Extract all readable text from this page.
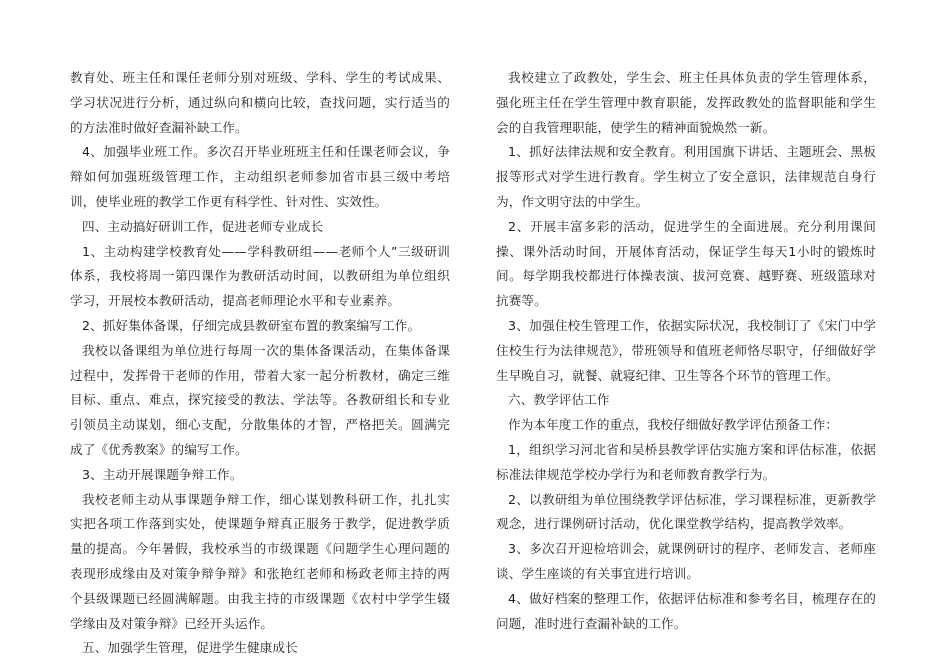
教育处、班主任和课任老师分别对班级、学科、学生的考试成果、学习状况进行分析，通过纵向和横向比较，查找问题，实行适当的的方法准时做好查漏补缺工作。

4、加强毕业班工作。多次召开毕业班班主任和任课老师会议，争辩如何加强班级管理工作，主动组织老师参加省市县三级中考培训，使毕业班的教学工作更有科学性、针对性、实效性。

四、主动搞好研训工作，促进老师专业成长

1、主动构建学校教育处——学科教研组——老师个人”三级研训体系，我校将周一第四课作为教研活动时间，以教研组为单位组织学习，开展校本教研活动，提高老师理论水平和专业素养。

2、抓好集体备课，仔细完成县教研室布置的教案编写工作。

我校以备课组为单位进行每周一次的集体备课活动，在集体备课过程中，发挥骨干老师的作用，带着大家一起分析教材，确定三维目标、重点、难点，探究接受的教法、学法等。各教研组长和专业引领员主动谋划，细心支配，分散集体的才智，严格把关。圆满完成了《优秀教案》的编写工作。

3、主动开展课题争辩工作。

我校老师主动从事课题争辩工作，细心谋划教科研工作，扎扎实实把各项工作落到实处，使课题争辩真正服务于教学，促进教学质量的提高。今年暑假，我校承当的市级课题《问题学生心理问题的表现形成缘由及对策争辩争辩》和张艳红老师和杨政老师主持的两个县级课题已经圆满解题。由我主持的市级课题《农村中学学生辍学缘由及对策争辩》已经开头运作。

五、加强学生管理，促进学生健康成长

我校建立了政教处，学生会、班主任具体负责的学生管理体系，强化班主任在学生管理中教育职能，发挥政教处的监督职能和学生会的自我管理职能，使学生的精神面貌焕然一新。

1、抓好法律法规和安全教育。利用国旗下讲话、主题班会、黑板报等形式对学生进行教育。学生树立了安全意识，法律规范自身行为，作文明守法的中学生。

2、开展丰富多彩的活动，促进学生的全面进展。充分利用课间操、课外活动时间，开展体育活动，保证学生每天1小时的锻炼时间。每学期我校都进行体操表演、拔河竞赛、越野赛、班级篮球对抗赛等。

3、加强住校生管理工作，依据实际状况，我校制订了《宋门中学住校生行为法律规范》，带班领导和值班老师恪尽职守，仔细做好学生早晚自习，就餐、就寝纪律、卫生等各个环节的管理工作。

六、教学评估工作

作为本年度工作的重点，我校仔细做好教学评估预备工作：

1，组织学习河北省和吴桥县教学评估实施方案和评估标准，依据标准法律规范学校办学行为和老师教育教学行为。

2、以教研组为单位围绕教学评估标准，学习课程标准，更新教学观念，进行课例研讨活动，优化课堂教学结构，提高教学效率。

3、多次召开迎检培训会，就课例研讨的程序、老师发言、老师座谈、学生座谈的有关事宜进行培训。

4、做好档案的整理工作，依据评估标准和参考名目，梳理存在的问题，准时进行查漏补缺的工作。
